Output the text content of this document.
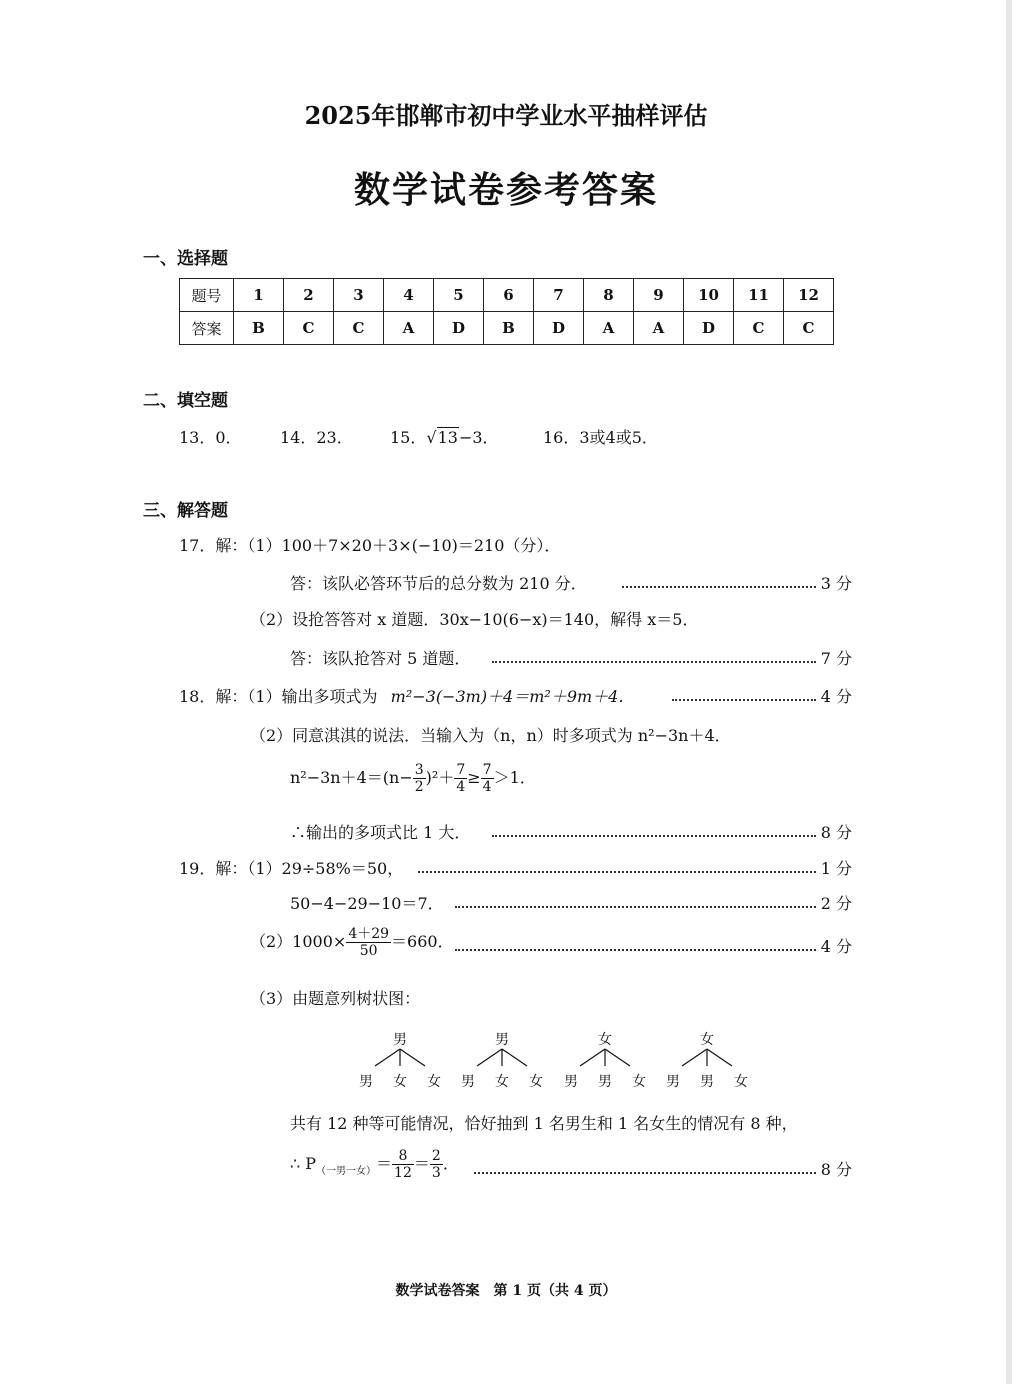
2025年邯郸市初中学业水平抽样评估
数学试卷参考答案
一、选择题
题号	1	2	3	4	5	6	7	8	9	10	11	12
答案	B	C	C	A	D	B	D	A	A	D	C	C
二、填空题
13．0． 14．23． 15．√13−3．	16．3或4或5．
三、解答题
17．解：（1）100＋7×20＋3×(−10)＝210（分）．
答：该队必答环节后的总分数为 210 分．	3 分
（2）设抢答答对 x 道题．30x−10(6−x)＝140，解得 x＝5．
答：该队抢答对 5 道题．	7 分
18．解：（1）输出多项式为 m²−3(−3m)＋4＝m²＋9m＋4．	4 分
（2）同意淇淇的说法．当输入为（n，n）时多项式为 n²−3n＋4．
$n^2-3n+4=(n- \frac{3}{2} )^2+ \frac{7}{4} \ge \frac{7}{4} >1$．
∴输出的多项式比 1 大．	8 分
19．解：（1）29÷58%＝50，	1 分
50−4−29−10＝7．	2 分
$(2)1000\times \frac{4+29}{50} =660$．	4 分
（3）由题意列树状图：
男	男	女	女
男	女	女	男	女	女	男	男	女	男	男	女
共有 12 种等可能情况，恰好抽到 1 名男生和 1 名女生的情况有 8 种，
∴ $P_{(一男一女)}= \frac{8}{12} = \frac{2}{3}$ ．	8 分
数学试卷答案　第 1 页（共 4 页）
